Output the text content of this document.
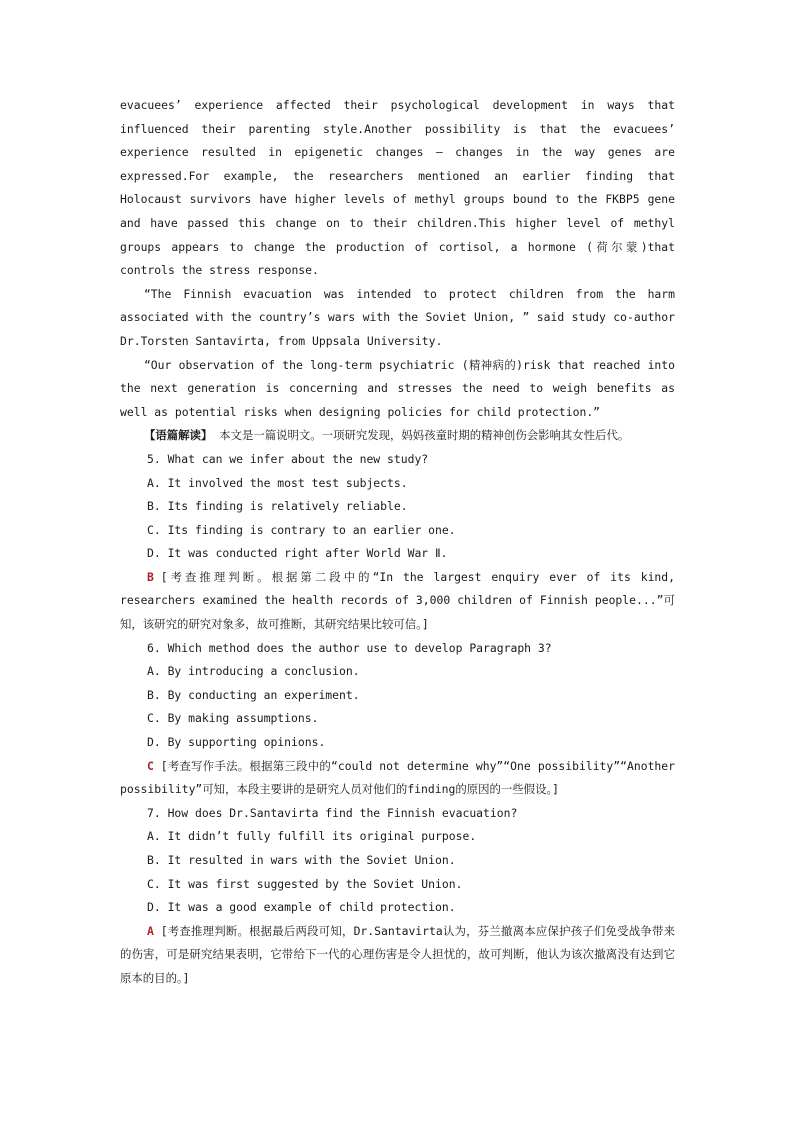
evacuees’ experience affected their psychological development in ways that influenced their parenting style.Another possibility is that the evacuees’ experience resulted in epigenetic changes — changes in the way genes are expressed.For example, the researchers mentioned an earlier finding that Holocaust survivors have higher levels of methyl groups bound to the FKBP5 gene and have passed this change on to their children.This higher level of methyl groups appears to change the production of cortisol, a hormone (荷尔蒙)that controls the stress response.

“The Finnish evacuation was intended to protect children from the harm associated with the country’s wars with the Soviet Union, ” said study co-author Dr.Torsten Santavirta, from Uppsala University.

“Our observation of the long-term psychiatric (精神病的)risk that reached into the next generation is concerning and stresses the need to weigh benefits as well as potential risks when designing policies for child protection.”

【语篇解读】 本文是一篇说明文。一项研究发现，妈妈孩童时期的精神创伤会影响其女性后代。

5. What can we infer about the new study?

A. It involved the most test subjects.

B. Its finding is relatively reliable.

C. Its finding is contrary to an earlier one.

D. It was conducted right after World War Ⅱ.

B [考查推理判断。根据第二段中的“In the largest enquiry ever of its kind, researchers examined the health records of 3,000 children of Finnish people...”可知，该研究的研究对象多，故可推断，其研究结果比较可信。]

6. Which method does the author use to develop Paragraph 3?

A. By introducing a conclusion.

B. By conducting an experiment.

C. By making assumptions.

D. By supporting opinions.

C [考查写作手法。根据第三段中的“could not determine why”“One possibility”“Another possibility”可知，本段主要讲的是研究人员对他们的finding的原因的一些假设。]

7. How does Dr.Santavirta find the Finnish evacuation?

A. It didn’t fully fulfill its original purpose.

B. It resulted in wars with the Soviet Union.

C. It was first suggested by the Soviet Union.

D. It was a good example of child protection.

A [考查推理判断。根据最后两段可知，Dr.Santavirta认为，芬兰撤离本应保护孩子们免受战争带来的伤害，可是研究结果表明，它带给下一代的心理伤害是令人担忧的，故可判断，他认为该次撤离没有达到它原本的目的。]
